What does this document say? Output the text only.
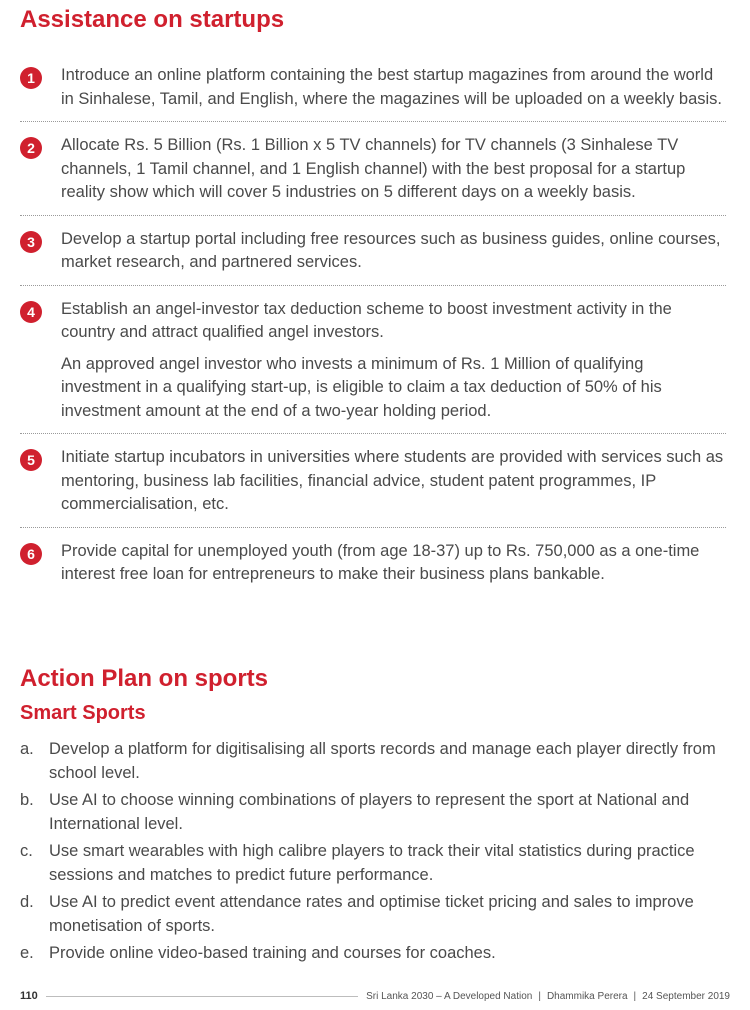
Assistance on startups
1	Introduce an online platform containing the best startup magazines from around the world in Sinhalese, Tamil, and English, where the magazines will be uploaded on a weekly basis.

2	Allocate Rs. 5 Billion (Rs. 1 Billion x 5 TV channels) for TV channels (3 Sinhalese TV channels, 1 Tamil channel, and 1 English channel) with the best proposal for a startup reality show which will cover 5 industries on 5 different days on a weekly basis.

3	Develop a startup portal including free resources such as business guides, online courses, market research, and partnered services.

4	Establish an angel-investor tax deduction scheme to boost investment activity in the country and attract qualified angel investors.

An approved angel investor who invests a minimum of Rs. 1 Million of qualifying investment in a qualifying start-up, is eligible to claim a tax deduction of 50% of his investment amount at the end of a two-year holding period.

5	Initiate startup incubators in universities where students are provided with services such as mentoring, business lab facilities, financial advice, student patent programmes, IP commercialisation, etc.

6	Provide capital for unemployed youth (from age 18-37) up to Rs. 750,000 as a one-time interest free loan for entrepreneurs to make their business plans bankable.

Action Plan on sports
Smart Sports
a. Develop a platform for digitisalising all sports records and manage each player directly from school level.
b. Use AI to choose winning combinations of players to represent the sport at National and International level.
c. Use smart wearables with high calibre players to track their vital statistics during practice sessions and matches to predict future performance.
d. Use AI to predict event attendance rates and optimise ticket pricing and sales to improve monetisation of sports.
e. Provide online video-based training and courses for coaches.
110	Sri Lanka 2030 – A Developed Nation | Dhammika Perera | 24 September 2019
